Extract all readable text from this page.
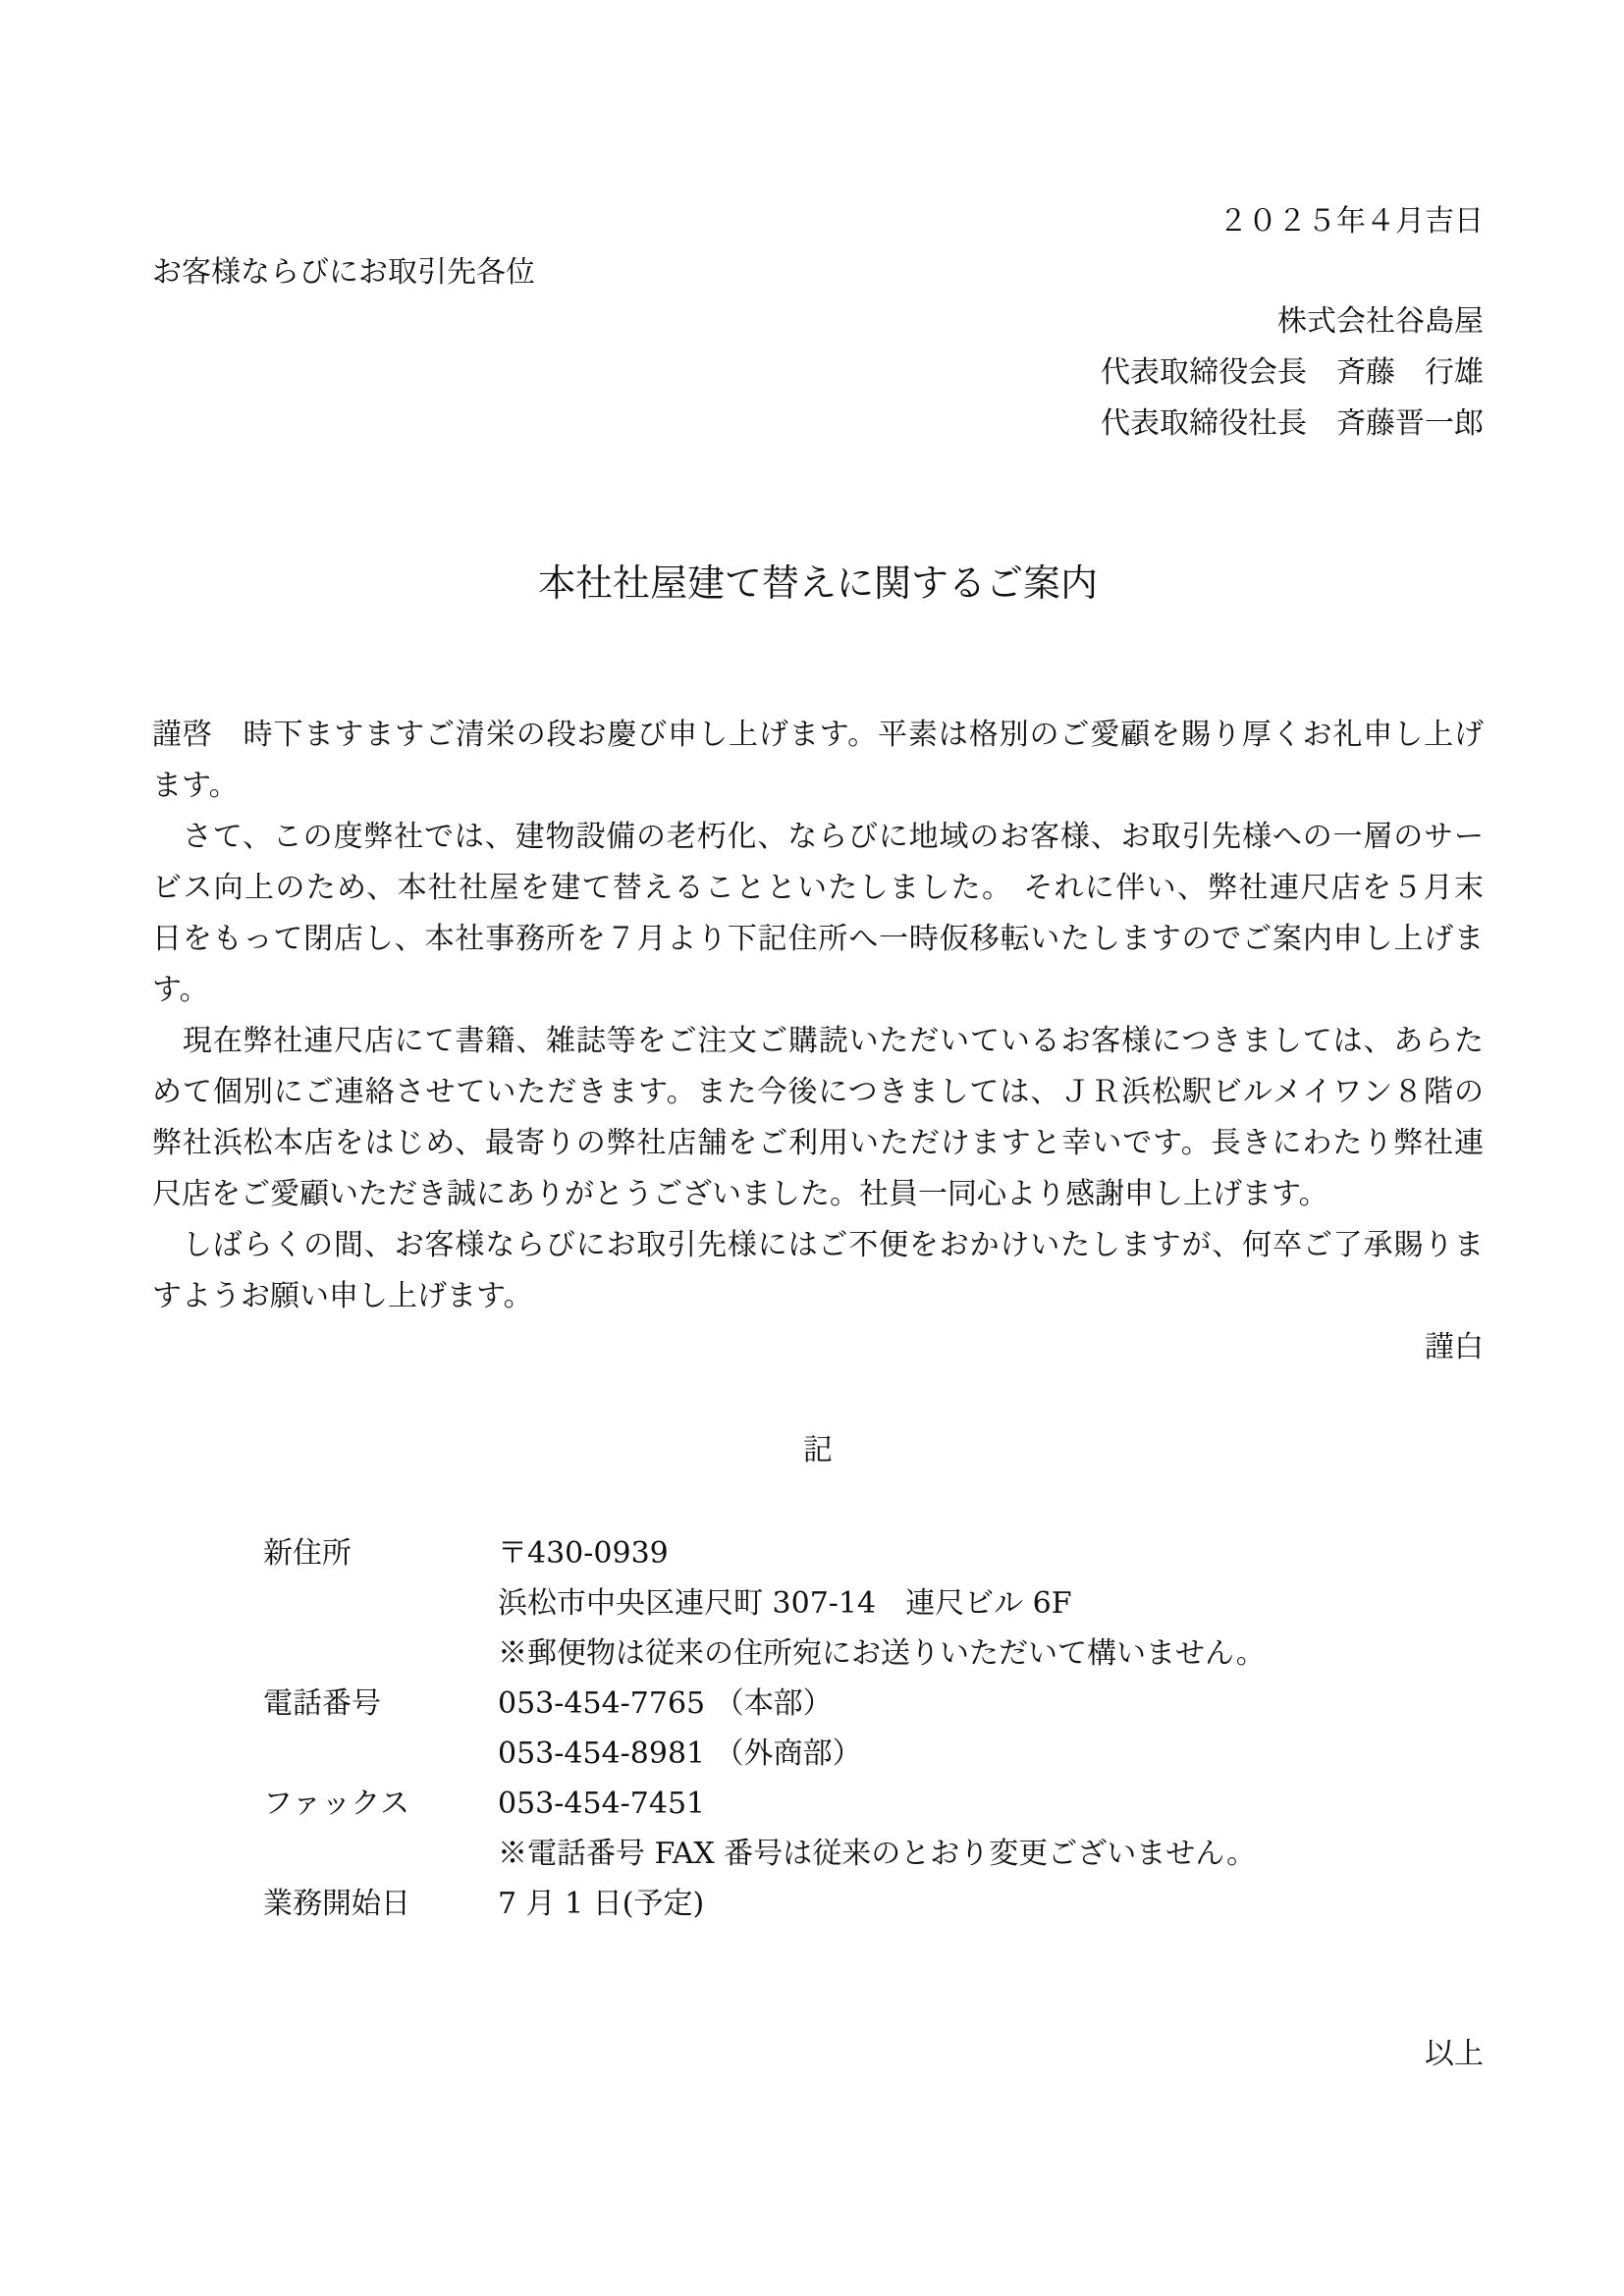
２０２５年４月吉日
お客様ならびにお取引先各位
株式会社谷島屋
代表取締役会長　斉藤　行雄
代表取締役社長　斉藤晋一郎
本社社屋建て替えに関するご案内
謹啓　時下ますますご清栄の段お慶び申し上げます。平素は格別のご愛顧を賜り厚くお礼申し上げ
ます。
　さて、この度弊社では、建物設備の老朽化、ならびに地域のお客様、お取引先様への一層のサー
ビス向上のため、本社社屋を建て替えることといたしました。 それに伴い、弊社連尺店を５月末
日をもって閉店し、本社事務所を７月より下記住所へ一時仮移転いたしますのでご案内申し上げま
す。
　現在弊社連尺店にて書籍、雑誌等をご注文ご購読いただいているお客様につきましては、あらた
めて個別にご連絡させていただきます。また今後につきましては、ＪＲ浜松駅ビルメイワン８階の
弊社浜松本店をはじめ、最寄りの弊社店舗をご利用いただけますと幸いです。長きにわたり弊社連
尺店をご愛顧いただき誠にありがとうございました。社員一同心より感謝申し上げます。
　しばらくの間、お客様ならびにお取引先様にはご不便をおかけいたしますが、何卒ご了承賜りま
すようお願い申し上げます。
謹白
記
新住所	〒430-0939
浜松市中央区連尺町 307-14　連尺ビル 6F
※郵便物は従来の住所宛にお送りいただいて構いません。
電話番号	053-454-7765 （本部）
053-454-8981 （外商部）
ファックス	053-454-7451
※電話番号 FAX 番号は従来のとおり変更ございません。
業務開始日	7 月 1 日(予定)
以上
